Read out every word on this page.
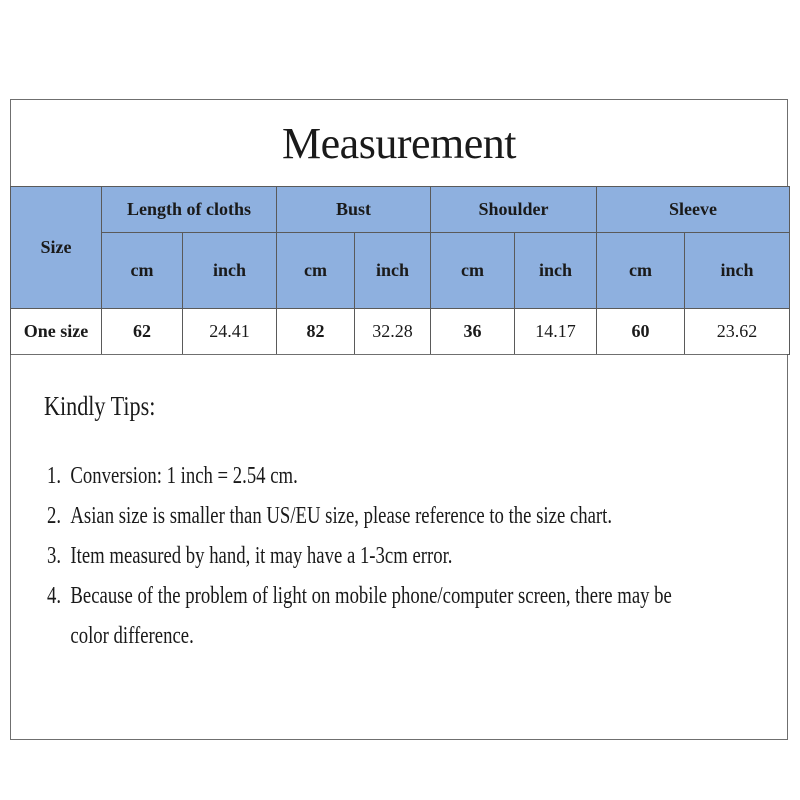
Measurement
Size	Length of cloths		Bust		Shoulder		Sleeve	
	cm	inch	cm	inch	cm	inch	cm	inch
One size	62	24.41	82	32.28	36	14.17	60	23.62
Kindly Tips:
1. Conversion: 1 inch = 2.54 cm.
2. Asian size is smaller than US/EU size, please reference to the size chart.
3. Item measured by hand, it may have a 1-3cm error.
4. Because of the problem of light on mobile phone/computer screen, there may be
color difference.
